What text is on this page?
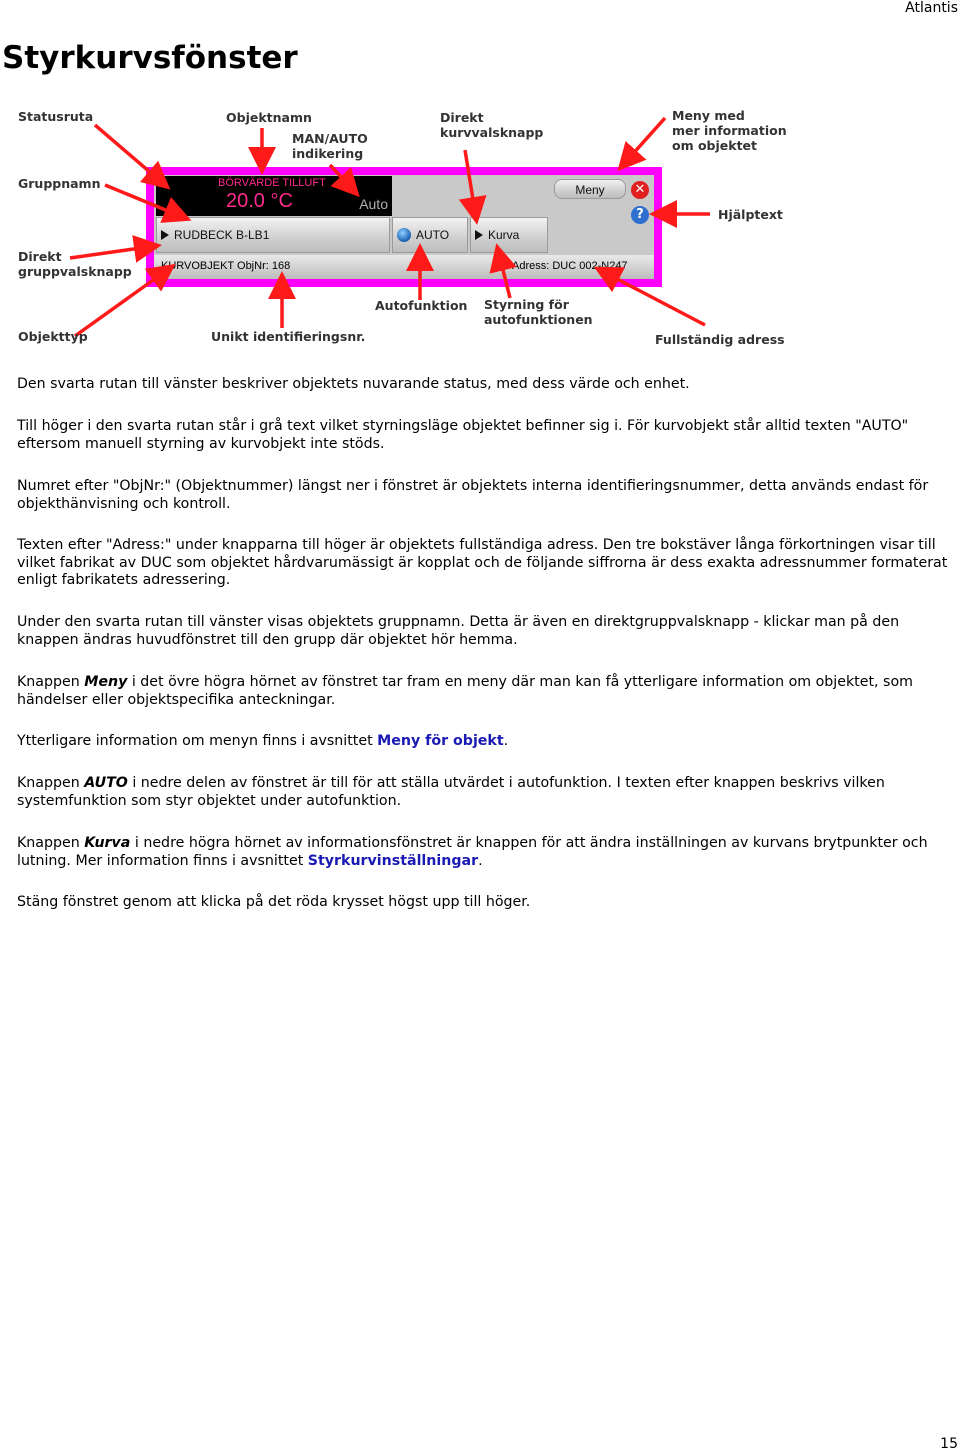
Atlantis
Styrkurvsfönster
BÖRVÄRDE TILLUFT
20.0 °C	Auto
RUDBECK B-LB1	AUTO	Kurva
Meny	✕
?
KURVOBJEKT ObjNr: 168	Adress: DUC 002-N247
Statusruta	Objektnamn
MAN/AUTO
indikering
Direkt
kurvvalsknapp
Meny med
mer information
om objektet
Gruppnamn
Hjälptext
Direkt
gruppvalsknapp
Autofunktion Styrning för
autofunktionen
Objekttyp	Unikt identifieringsnr.	Fullständig adress

Den svarta rutan till vänster beskriver objektets nuvarande status, med dess värde och enhet.

Till höger i den svarta rutan står i grå text vilket styrningsläge objektet befinner sig i. För kurvobjekt står alltid texten "AUTO" eftersom manuell styrning av kurvobjekt inte stöds.

Numret efter "ObjNr:" (Objektnummer) längst ner i fönstret är objektets interna identifieringsnummer, detta används endast för objekthänvisning och kontroll.

Texten efter "Adress:" under knapparna till höger är objektets fullständiga adress. Den tre bokstäver långa förkortningen visar till vilket fabrikat av DUC som objektet hårdvarumässigt är kopplat och de följande siffrorna är dess exakta adressnummer formaterat enligt fabrikatets adressering.

Under den svarta rutan till vänster visas objektets gruppnamn. Detta är även en direktgruppvalsknapp - klickar man på den knappen ändras huvudfönstret till den grupp där objektet hör hemma.

Knappen Meny i det övre högra hörnet av fönstret tar fram en meny där man kan få ytterligare information om objektet, som händelser eller objektspecifika anteckningar.

Ytterligare information om menyn finns i avsnittet Meny för objekt.

Knappen AUTO i nedre delen av fönstret är till för att ställa utvärdet i autofunktion. I texten efter knappen beskrivs vilken systemfunktion som styr objektet under autofunktion.

Knappen Kurva i nedre högra hörnet av informationsfönstret är knappen för att ändra inställningen av kurvans brytpunkter och lutning. Mer information finns i avsnittet Styrkurvinställningar.

Stäng fönstret genom att klicka på det röda krysset högst upp till höger.

15
